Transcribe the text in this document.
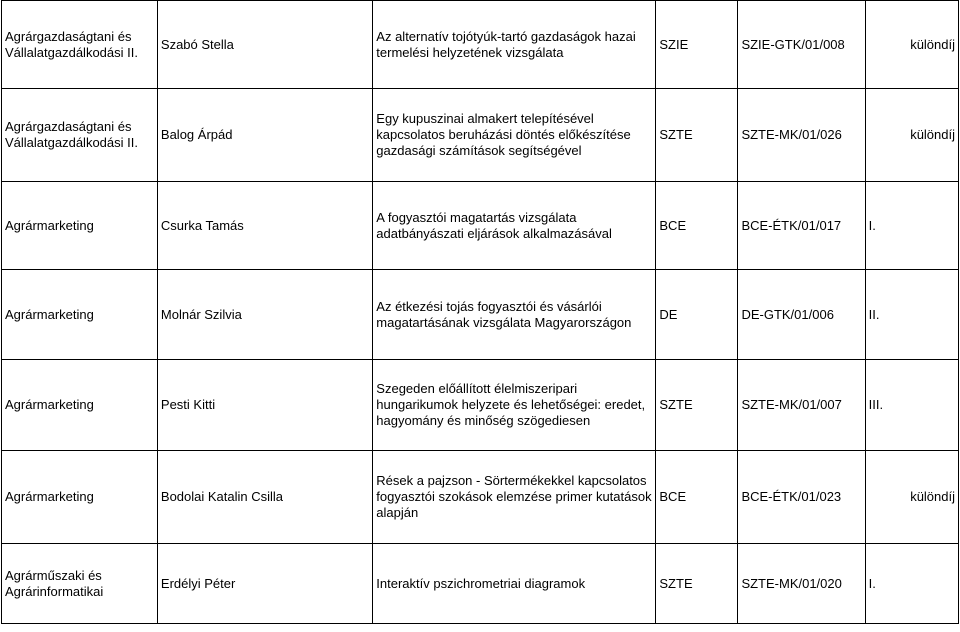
Agrárgazdaságtani és Vállalatgazdálkodási II.	Szabó Stella	Az alternatív tojótyúk-tartó gazdaságok hazai termelési helyzetének vizsgálata	SZIE	SZIE-GTK/01/008	különdíj
Agrárgazdaságtani és Vállalatgazdálkodási II.	Balog Árpád	Egy kupuszinai almakert telepítésével kapcsolatos beruházási döntés előkészítése gazdasági számítások segítségével	SZTE	SZTE-MK/01/026	különdíj
Agrármarketing	Csurka Tamás	A fogyasztói magatartás vizsgálata adatbányászati eljárások alkalmazásával	BCE	BCE-ÉTK/01/017	I.
Agrármarketing	Molnár Szilvia	Az étkezési tojás fogyasztói és vásárlói magatartásának vizsgálata Magyarországon	DE	DE-GTK/01/006	II.
Agrármarketing	Pesti Kitti	Szegeden előállított élelmiszeripari hungarikumok helyzete és lehetőségei: eredet, hagyomány és minőség szögediesen	SZTE	SZTE-MK/01/007	III.
Agrármarketing	Bodolai Katalin Csilla	Rések a pajzson - Sörtermékekkel kapcsolatos fogyasztói szokások elemzése primer kutatások alapján	BCE	BCE-ÉTK/01/023	különdíj
Agrárműszaki és Agrárinformatikai	Erdélyi Péter	Interaktív pszichrometriai diagramok	SZTE	SZTE-MK/01/020	I.
